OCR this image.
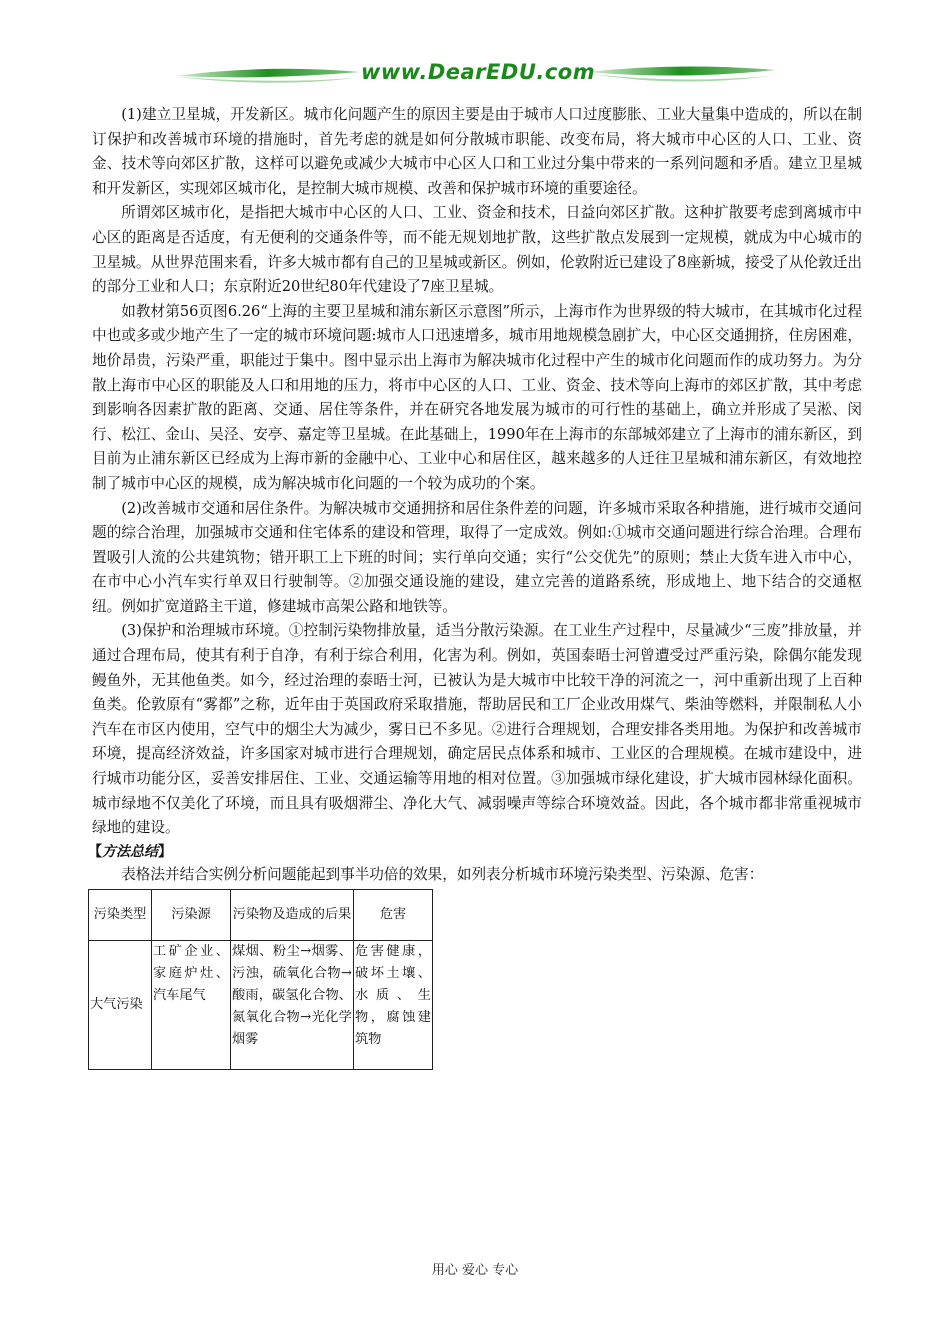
www.DearEDU.com

(1)建立卫星城，开发新区。城市化问题产生的原因主要是由于城市人口过度膨胀、工业大量集中造成的，所以在制订保护和改善城市环境的措施时，首先考虑的就是如何分散城市职能、改变布局，将大城市中心区的人口、工业、资金、技术等向郊区扩散，这样可以避免或减少大城市中心区人口和工业过分集中带来的一系列问题和矛盾。建立卫星城和开发新区，实现郊区城市化，是控制大城市规模、改善和保护城市环境的重要途径。

所谓郊区城市化，是指把大城市中心区的人口、工业、资金和技术，日益向郊区扩散。这种扩散要考虑到离城市中心区的距离是否适度，有无便利的交通条件等，而不能无规划地扩散，这些扩散点发展到一定规模，就成为中心城市的卫星城。从世界范围来看，许多大城市都有自己的卫星城或新区。例如，伦敦附近已建设了8座新城，接受了从伦敦迁出的部分工业和人口；东京附近20世纪80年代建设了7座卫星城。

如教材第56页图6.26“上海的主要卫星城和浦东新区示意图”所示，上海市作为世界级的特大城市，在其城市化过程中也或多或少地产生了一定的城市环境问题:城市人口迅速增多，城市用地规模急剧扩大，中心区交通拥挤，住房困难，地价昂贵，污染严重，职能过于集中。图中显示出上海市为解决城市化过程中产生的城市化问题而作的成功努力。为分散上海市中心区的职能及人口和用地的压力，将市中心区的人口、工业、资金、技术等向上海市的郊区扩散，其中考虑到影响各因素扩散的距离、交通、居住等条件，并在研究各地发展为城市的可行性的基础上，确立并形成了吴淞、闵行、松江、金山、吴泾、安亭、嘉定等卫星城。在此基础上，1990年在上海市的东部城郊建立了上海市的浦东新区，到目前为止浦东新区已经成为上海市新的金融中心、工业中心和居住区，越来越多的人迁往卫星城和浦东新区，有效地控制了城市中心区的规模，成为解决城市化问题的一个较为成功的个案。

(2)改善城市交通和居住条件。为解决城市交通拥挤和居住条件差的问题，许多城市采取各种措施，进行城市交通问题的综合治理，加强城市交通和住宅体系的建设和管理，取得了一定成效。例如:①城市交通问题进行综合治理。合理布置吸引人流的公共建筑物；错开职工上下班的时间；实行单向交通；实行“公交优先”的原则；禁止大货车进入市中心，在市中心小汽车实行单双日行驶制等。②加强交通设施的建设，建立完善的道路系统，形成地上、地下结合的交通枢纽。例如扩宽道路主干道，修建城市高架公路和地铁等。

(3)保护和治理城市环境。①控制污染物排放量，适当分散污染源。在工业生产过程中，尽量减少“三废”排放量，并通过合理布局，使其有利于自净，有利于综合利用，化害为利。例如，英国泰晤士河曾遭受过严重污染，除偶尔能发现鳗鱼外，无其他鱼类。如今，经过治理的泰晤士河，已被认为是大城市中比较干净的河流之一，河中重新出现了上百种鱼类。伦敦原有“雾都”之称，近年由于英国政府采取措施，帮助居民和工厂企业改用煤气、柴油等燃料，并限制私人小汽车在市区内使用，空气中的烟尘大为减少，雾日已不多见。②进行合理规划，合理安排各类用地。为保护和改善城市环境，提高经济效益，许多国家对城市进行合理规划，确定居民点体系和城市、工业区的合理规模。在城市建设中，进行城市功能分区，妥善安排居住、工业、交通运输等用地的相对位置。③加强城市绿化建设，扩大城市园林绿化面积。城市绿地不仅美化了环境，而且具有吸烟滞尘、净化大气、减弱噪声等综合环境效益。因此，各个城市都非常重视城市绿地的建设。

【方法总结】

表格法并结合实例分析问题能起到事半功倍的效果，如列表分析城市环境污染类型、污染源、危害：

污染类型	污染源	污染物及造成的后果	危害
大气污染	工矿企业、家庭炉灶、汽车尾气	煤烟、粉尘→烟雾、污浊，硫氧化合物→酸雨，碳氢化合物、氮氧化合物→光化学烟雾	危害健康，破坏土壤、水质、生物，腐蚀建筑物
用心 爱心 专心
